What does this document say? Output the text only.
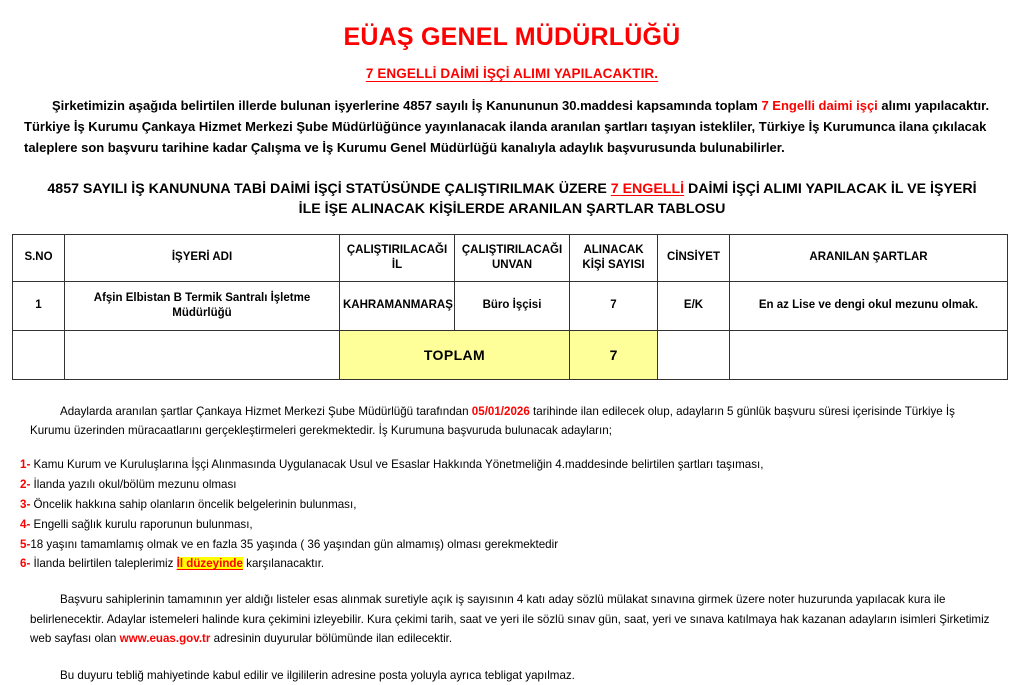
EÜAŞ GENEL MÜDÜRLÜĞÜ
7 ENGELLİ DAİMİ İŞÇİ ALIMI YAPILACAKTIR.

Şirketimizin aşağıda belirtilen illerde bulunan işyerlerine 4857 sayılı İş Kanununun 30.maddesi kapsamında toplam 7 Engelli daimi işçi alımı yapılacaktır. Türkiye İş Kurumu Çankaya Hizmet Merkezi Şube Müdürlüğünce yayınlanacak ilanda aranılan şartları taşıyan istekliler, Türkiye İş Kurumunca ilana çıkılacak taleplere son başvuru tarihine kadar Çalışma ve İş Kurumu Genel Müdürlüğü kanalıyla adaylık başvurusunda bulunabilirler.

4857 SAYILI İŞ KANUNUNA TABİ DAİMİ İŞÇİ STATÜSÜNDE ÇALIŞTIRILMAK ÜZERE 7 ENGELLİ DAİMİ İŞÇİ ALIMI YAPILACAK İL VE İŞYERİ
İLE İŞE ALINACAK KİŞİLERDE ARANILAN ŞARTLAR TABLOSU
S.NO	İŞYERİ ADI	ÇALIŞTIRILACAĞI İL	ÇALIŞTIRILACAĞI UNVAN	ALINACAK KİŞİ SAYISI	CİNSİYET	ARANILAN ŞARTLAR
1	Afşin Elbistan B Termik Santralı İşletme Müdürlüğü	KAHRAMANMARAŞ	Büro İşçisi	7	E/K	En az Lise ve dengi okul mezunu olmak.
		TOPLAM		7		

Adaylarda aranılan şartlar Çankaya Hizmet Merkezi Şube Müdürlüğü tarafından 05/01/2026 tarihinde ilan edilecek olup, adayların 5 günlük başvuru süresi içerisinde Türkiye İş Kurumu üzerinden müracaatlarını gerçekleştirmeleri gerekmektedir. İş Kurumuna başvuruda bulunacak adayların;

1- Kamu Kurum ve Kuruluşlarına İşçi Alınmasında Uygulanacak Usul ve Esaslar Hakkında Yönetmeliğin 4.maddesinde belirtilen şartları taşıması,
2- İlanda yazılı okul/bölüm mezunu olması
3- Öncelik hakkına sahip olanların öncelik belgelerinin bulunması,
4- Engelli sağlık kurulu raporunun bulunması,
5-18 yaşını tamamlamış olmak ve en fazla 35 yaşında ( 36 yaşından gün almamış) olması gerekmektedir
6- İlanda belirtilen taleplerimiz İl düzeyinde karşılanacaktır.

Başvuru sahiplerinin tamamının yer aldığı listeler esas alınmak suretiyle açık iş sayısının 4 katı aday sözlü mülakat sınavına girmek üzere noter huzurunda yapılacak kura ile belirlenecektir. Adaylar istemeleri halinde kura çekimini izleyebilir. Kura çekimi tarih, saat ve yeri ile sözlü sınav gün, saat, yeri ve sınava katılmaya hak kazanan adayların isimleri Şirketimiz web sayfası olan www.euas.gov.tr adresinin duyurular bölümünde ilan edilecektir.

Bu duyuru tebliğ mahiyetinde kabul edilir ve ilgililerin adresine posta yoluyla ayrıca tebligat yapılmaz.
